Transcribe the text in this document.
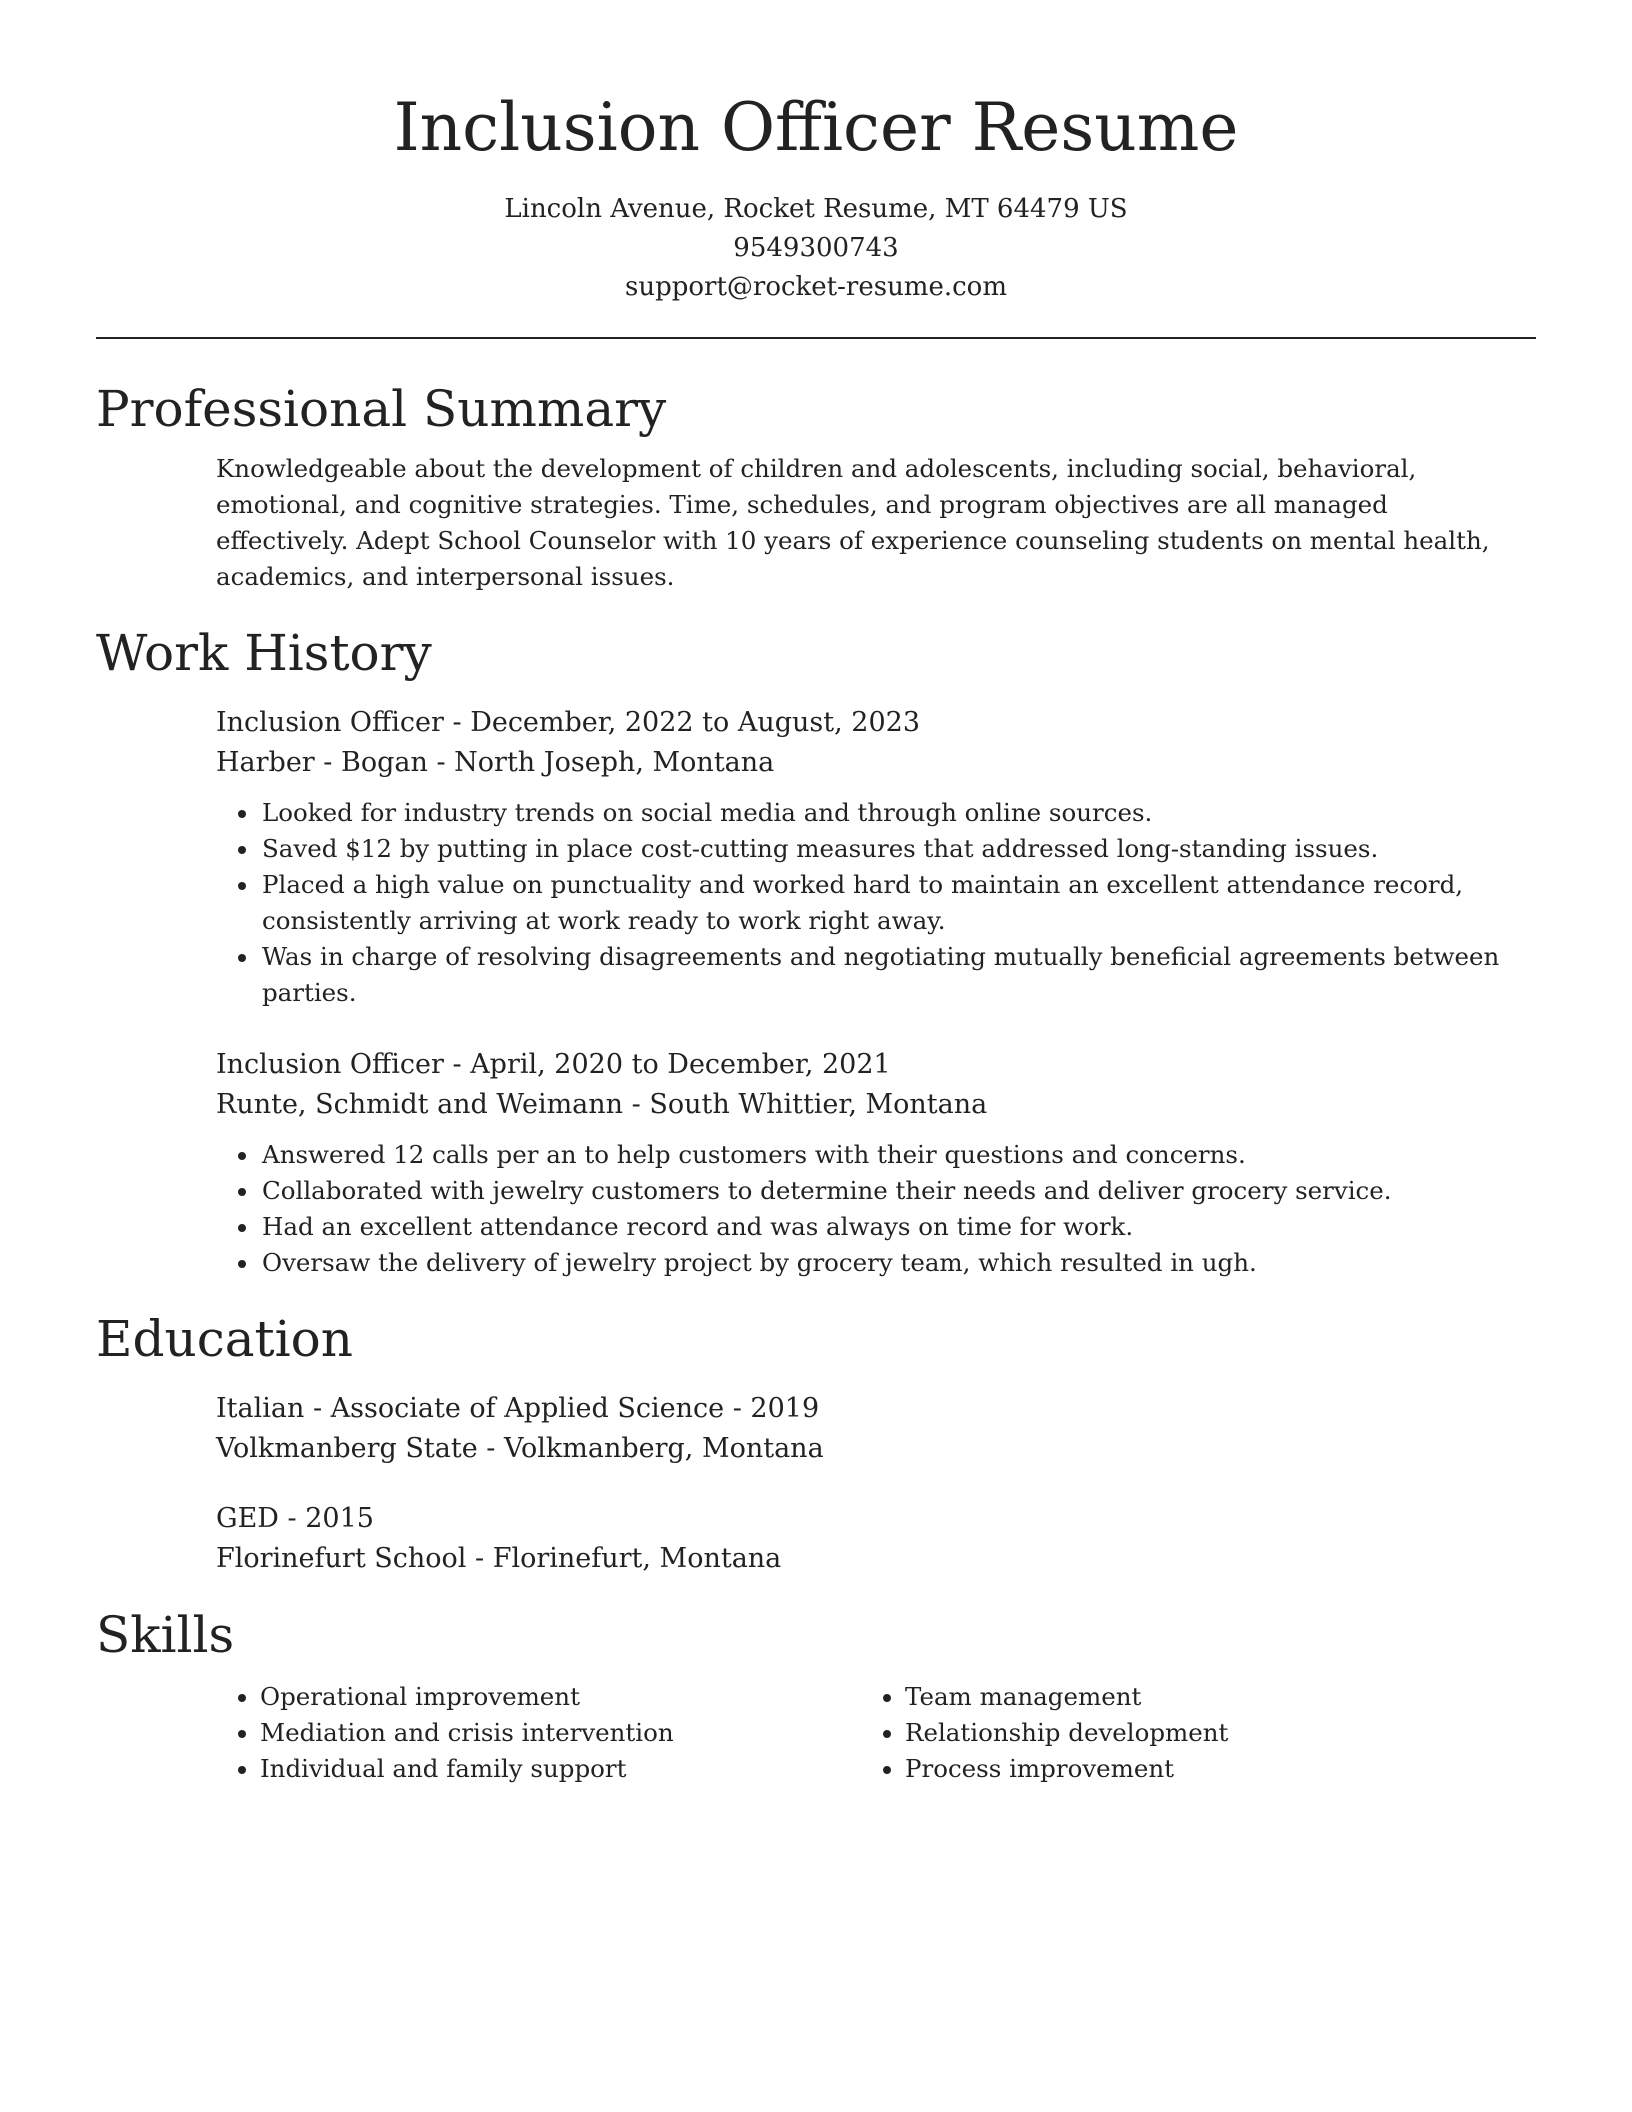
Inclusion Officer Resume
Lincoln Avenue, Rocket Resume, MT 64479 US
9549300743
support@rocket-resume.com
Professional Summary
Knowledgeable about the development of children and adolescents, including social, behavioral, emotional, and cognitive strategies. Time, schedules, and program objectives are all managed effectively. Adept School Counselor with 10 years of experience counseling students on mental health, academics, and interpersonal issues.
Work History
Inclusion Officer - December, 2022 to August, 2023
Harber - Bogan - North Joseph, Montana
• Looked for industry trends on social media and through online sources.
• Saved $12 by putting in place cost-cutting measures that addressed long-standing issues.
• Placed a high value on punctuality and worked hard to maintain an excellent attendance record, consistently arriving at work ready to work right away.
• Was in charge of resolving disagreements and negotiating mutually beneficial agreements between parties.
Inclusion Officer - April, 2020 to December, 2021
Runte, Schmidt and Weimann - South Whittier, Montana
• Answered 12 calls per an to help customers with their questions and concerns.
• Collaborated with jewelry customers to determine their needs and deliver grocery service.
• Had an excellent attendance record and was always on time for work.
• Oversaw the delivery of jewelry project by grocery team, which resulted in ugh.
Education
Italian - Associate of Applied Science - 2019
Volkmanberg State - Volkmanberg, Montana
GED - 2015
Florinefurt School - Florinefurt, Montana
Skills
• Operational improvement
• Mediation and crisis intervention
• Individual and family support
• Team management
• Relationship development
• Process improvement
